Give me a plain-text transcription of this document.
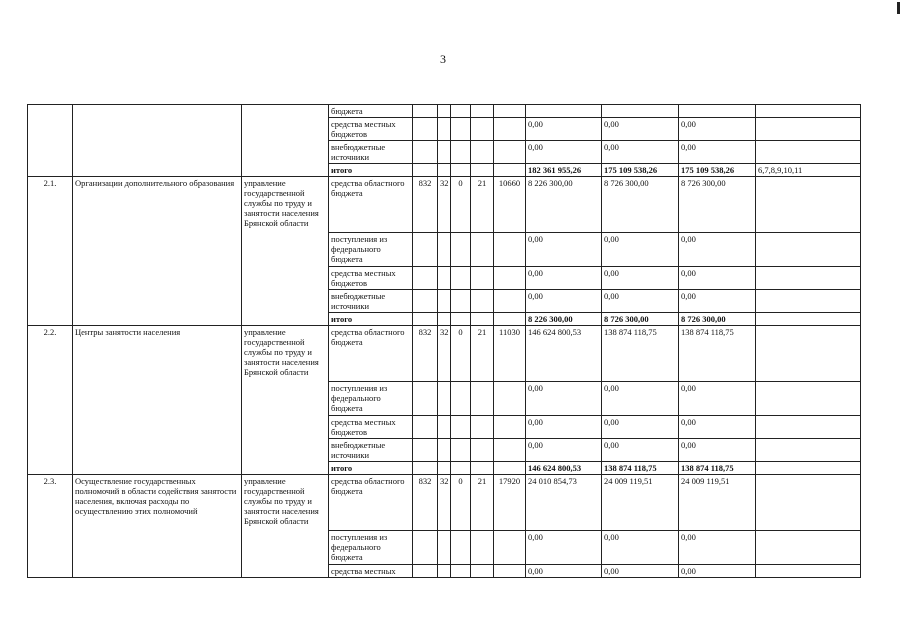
3
			бюджета									
			средства местных бюджетов						0,00	0,00	0,00	
			внебюджетные источники						0,00	0,00	0,00	
			итого						182 361 955,26	175 109 538,26	175 109 538,26	6,7,8,9,10,11
2.1.	Организации дополнительного образования	управление государственной службы по труду и занятости населения Брянской области	средства областного бюджета	832	32	0	21	10660	8 226 300,00	8 726 300,00	8 726 300,00	
			поступления из федерального бюджета						0,00	0,00	0,00	
			средства местных бюджетов						0,00	0,00	0,00	
			внебюджетные источники						0,00	0,00	0,00	
			итого						8 226 300,00	8 726 300,00	8 726 300,00	
2.2.	Центры занятости населения	управление государственной службы по труду и занятости населения Брянской области	средства областного бюджета	832	32	0	21	11030	146 624 800,53	138 874 118,75	138 874 118,75	
			поступления из федерального бюджета						0,00	0,00	0,00	
			средства местных бюджетов						0,00	0,00	0,00	
			внебюджетные источники						0,00	0,00	0,00	
			итого						146 624 800,53	138 874 118,75	138 874 118,75	
2.3.	Осуществление государственных полномочий в области содействия занятости населения, включая расходы по осуществлению этих полномочий	управление государственной службы по труду и занятости населения Брянской области	средства областного бюджета	832	32	0	21	17920	24 010 854,73	24 009 119,51	24 009 119,51	
			поступления из федерального бюджета						0,00	0,00	0,00	
			средства местных						0,00	0,00	0,00	
